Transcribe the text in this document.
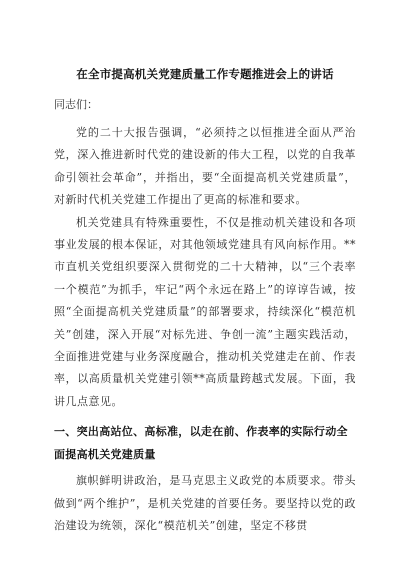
在全市提高机关党建质量工作专题推进会上的讲话
同志们：

党的二十大报告强调，“必须持之以恒推进全面从严治党，深入推进新时代党的建设新的伟大工程，以党的自我革命引领社会革命”，并指出，要“全面提高机关党建质量”，对新时代机关党建工作提出了更高的标准和要求。

机关党建具有特殊重要性，不仅是推动机关建设和各项事业发展的根本保证，对其他领域党建具有风向标作用。**市直机关党组织要深入贯彻党的二十大精神，以“三个表率一个模范”为抓手，牢记“两个永远在路上”的谆谆告诫，按照“全面提高机关党建质量”的部署要求，持续深化“模范机关”创建，深入开展“对标先进、争创一流”主题实践活动，全面推进党建与业务深度融合，推动机关党建走在前、作表率，以高质量机关党建引领**高质量跨越式发展。下面，我讲几点意见。

一、突出高站位、高标准，以走在前、作表率的实际行动全面提高机关党建质量

旗帜鲜明讲政治，是马克思主义政党的本质要求。带头做到“两个维护”，是机关党建的首要任务。要坚持以党的政治建设为统领，深化“模范机关”创建，坚定不移贯
